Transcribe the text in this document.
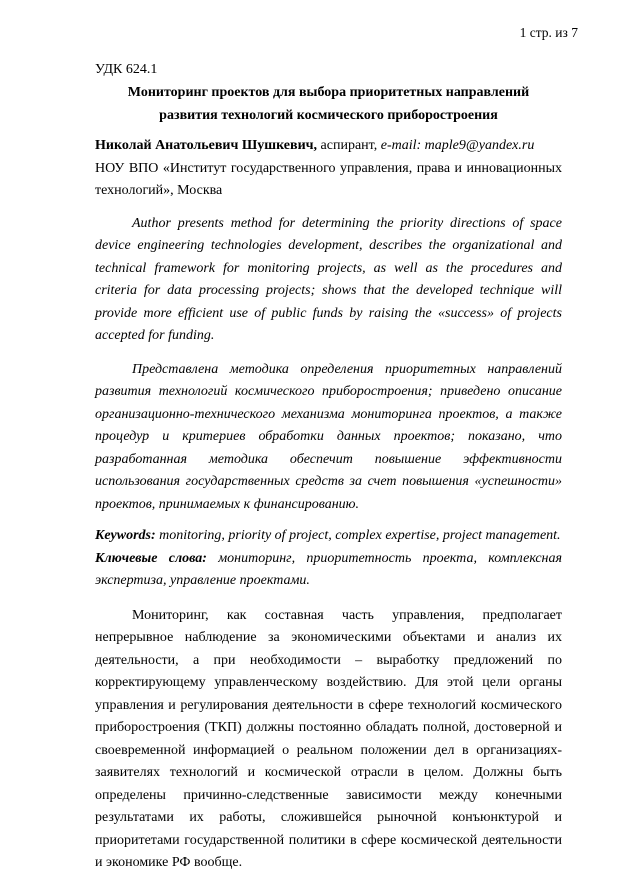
1 стр. из 7
УДК 624.1
Мониторинг проектов для выбора приоритетных направлений
развития технологий космического приборостроения

Николай Анатольевич Шушкевич, аспирант, e-mail: maple9@yandex.ru

НОУ ВПО «Институт государственного управления, права и инновационных технологий», Москва

Author presents method for determining the priority directions of space device engineering technologies development, describes the organizational and technical framework for monitoring projects, as well as the procedures and criteria for data processing projects; shows that the developed technique will provide more efficient use of public funds by raising the «success» of projects accepted for funding.

Представлена методика определения приоритетных направлений развития технологий космического приборостроения; приведено описание организационно-технического механизма мониторинга проектов, а также процедур и критериев обработки данных проектов; показано, что разработанная методика обеспечит повышение эффективности использования государственных средств за счет повышения «успешности» проектов, принимаемых к финансированию.

Keywords: monitoring, priority of project, complex expertise, project management.

Ключевые слова: мониторинг, приоритетность проекта, комплексная экспертиза, управление проектами.

Мониторинг, как составная часть управления, предполагает непрерывное наблюдение за экономическими объектами и анализ их деятельности, а при необходимости – выработку предложений по корректирующему управленческому воздействию. Для этой цели органы управления и регулирования деятельности в сфере технологий космического приборостроения (ТКП) должны постоянно обладать полной, достоверной и своевременной информацией о реальном положении дел в организациях-заявителях технологий и космической отрасли в целом. Должны быть определены причинно-следственные зависимости между конечными результатами их работы, сложившейся рыночной конъюнктурой и приоритетами государственной политики в сфере космической деятельности и экономике РФ вообще.
